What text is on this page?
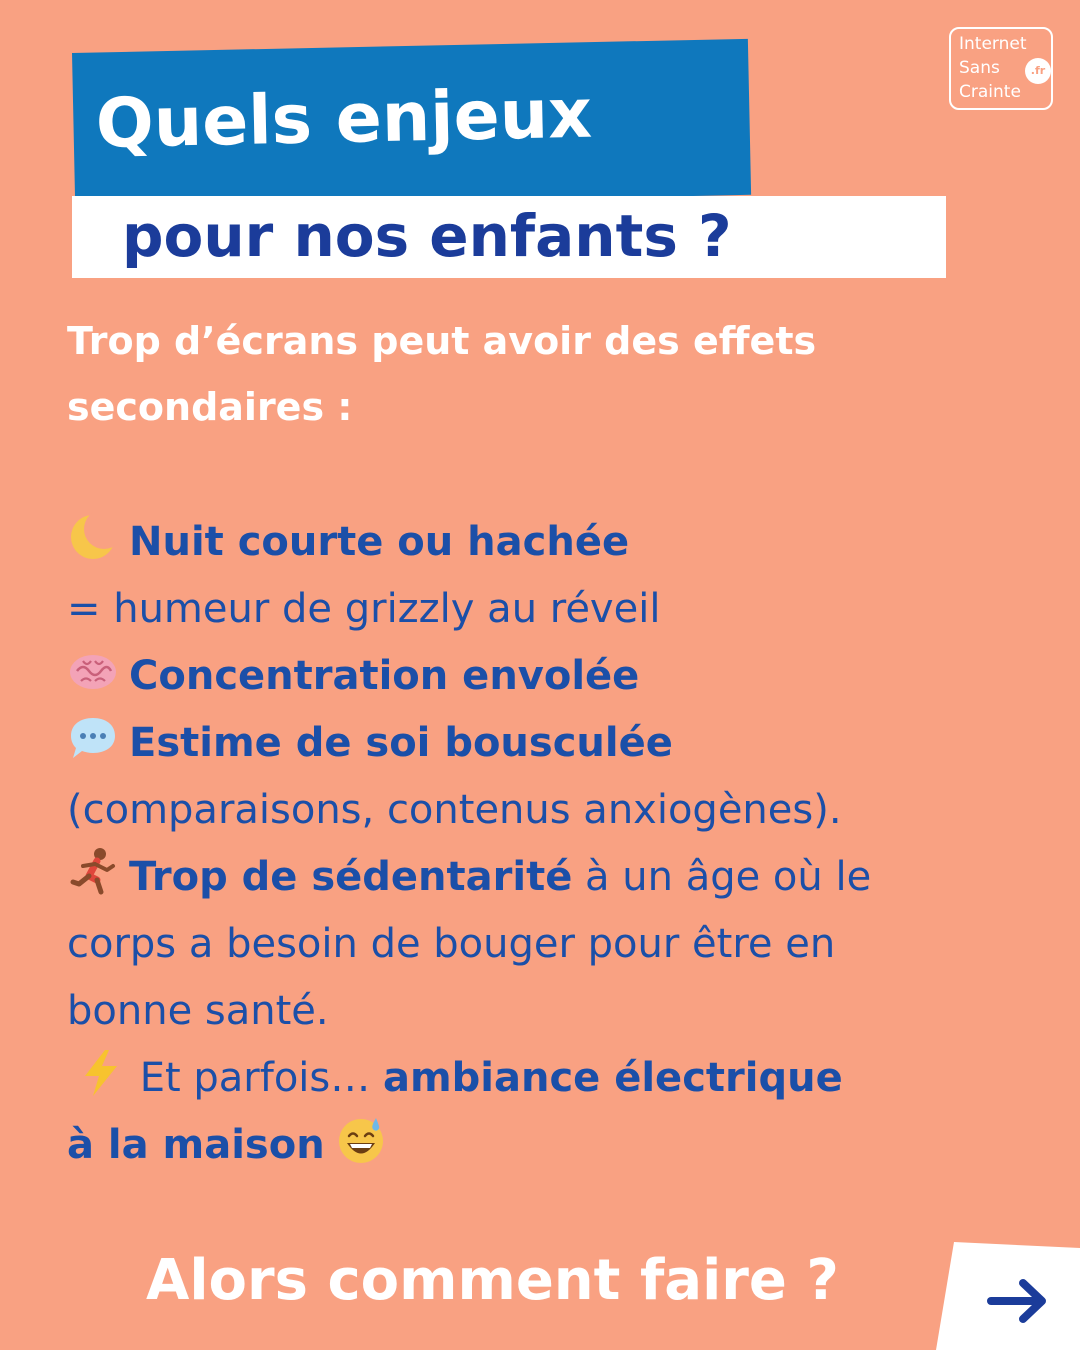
Internet
Sans
Crainte
.fr
Quels enjeux
pour nos enfants ?
Trop d’écrans peut avoir des effets
secondaires :
Nuit courte ou hachée
= humeur de grizzly au réveil
Concentration envolée
Estime de soi bousculée
(comparaisons, contenus anxiogènes).
Trop de sédentarité à un âge où le
corps a besoin de bouger pour être en
bonne santé.
Et parfois… ambiance électrique
à la maison
Alors comment faire ?
